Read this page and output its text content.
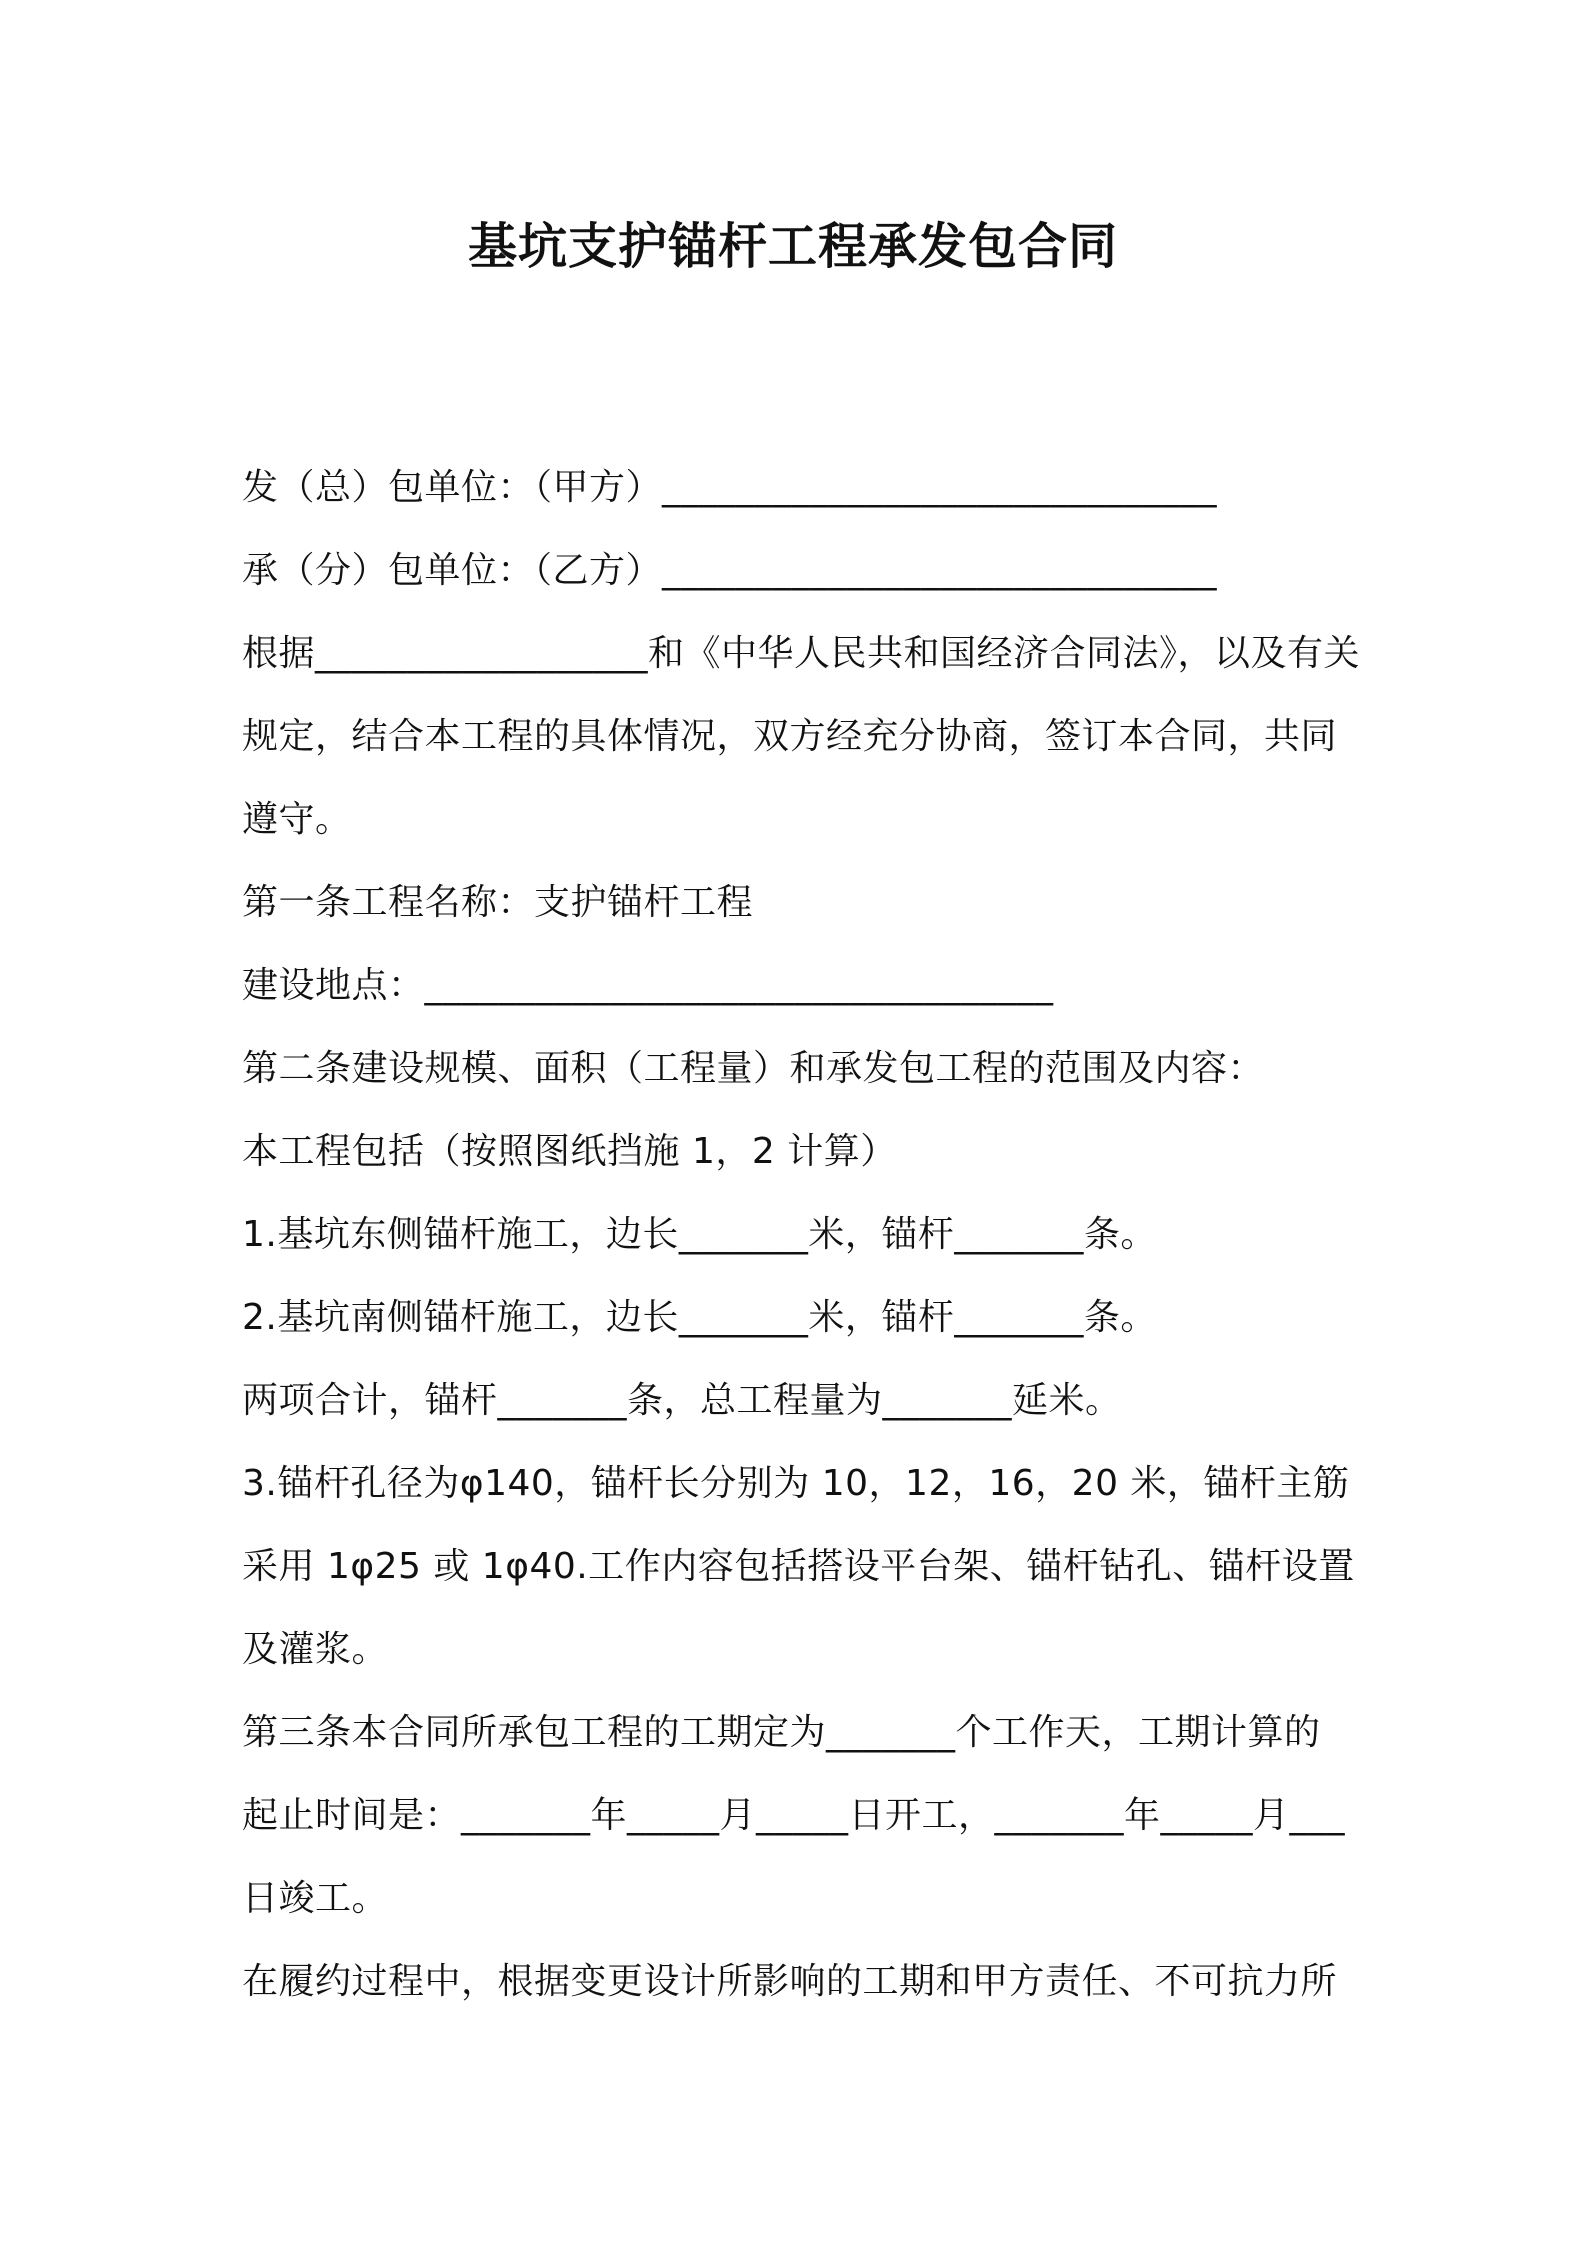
基坑支护锚杆工程承发包合同
发（总）包单位：（甲方）______________________________
承（分）包单位：（乙方）______________________________
根据__________________和《中华人民共和国经济合同法》，以及有关
规定，结合本工程的具体情况，双方经充分协商，签订本合同，共同
遵守。
第一条工程名称：支护锚杆工程
建设地点：__________________________________
第二条建设规模、面积（工程量）和承发包工程的范围及内容：
本工程包括（按照图纸挡施 1，2 计算）
1.基坑东侧锚杆施工，边长_______米，锚杆_______条。
2.基坑南侧锚杆施工，边长_______米，锚杆_______条。
两项合计，锚杆_______条，总工程量为_______延米。
3.锚杆孔径为φ140，锚杆长分别为 10，12，16，20 米，锚杆主筋
采用 1φ25 或 1φ40.工作内容包括搭设平台架、锚杆钻孔、锚杆设置
及灌浆。
第三条本合同所承包工程的工期定为_______个工作天，工期计算的
起止时间是：_______年_____月_____日开工，_______年_____月___
日竣工。
在履约过程中，根据变更设计所影响的工期和甲方责任、不可抗力所
